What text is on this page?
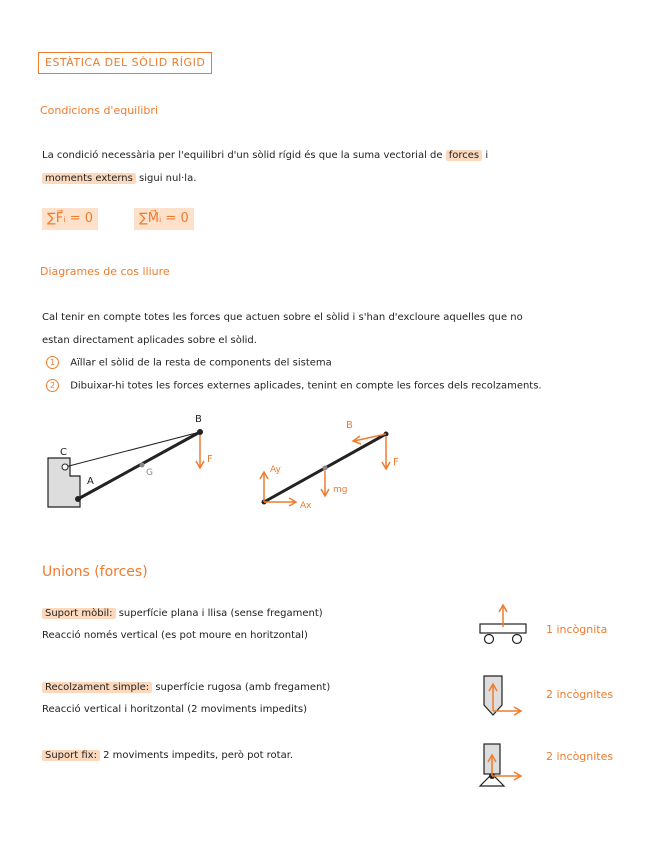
ESTÀTICA DEL SÒLID RÍGID
Condicions d'equilibri
La condició necessària per l'equilibri d'un sòlid rígid és que la suma vectorial de forces i
moments externs sigui nul·la.
∑F⃗ᵢ = 0	∑M⃗ᵢ = 0
Diagrames de cos lliure
Cal tenir en compte totes les forces que actuen sobre el sòlid i s'han d'excloure aquelles que no
estan directament aplicades sobre el sòlid.
1 Aïllar el sòlid de la resta de components del sistema
2 Dibuixar-hi totes les forces externes aplicades, tenint en compte les forces dels recolzaments.
B
C
A
G
F
B
F
Ay
Ax
mg
Unions (forces)
Suport mòbil: superfície plana i llisa (sense fregament)
Reacció només vertical (es pot moure en horitzontal)
Recolzament simple: superfície rugosa (amb fregament)
Reacció vertical i horitzontal (2 moviments impedits)
Suport fix: 2 moviments impedits, però pot rotar.
1 incògnita
2 incògnites
2 incògnites
